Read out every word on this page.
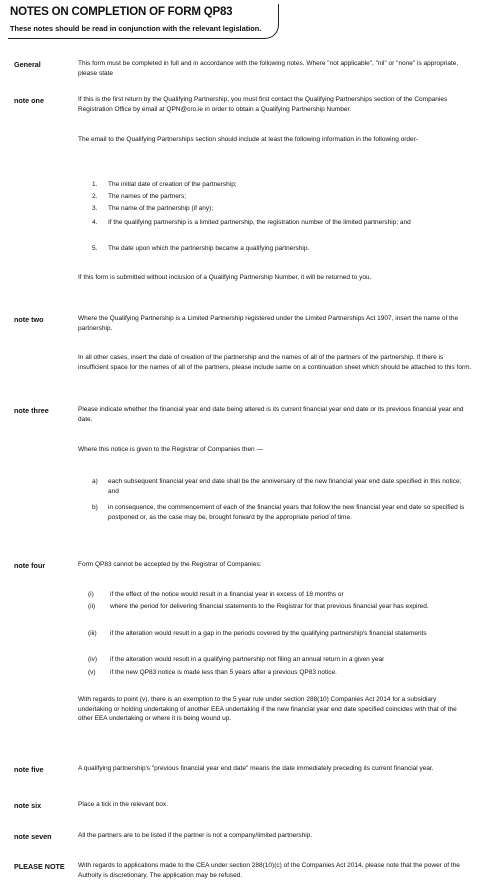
NOTES ON COMPLETION OF FORM QP83
These notes should be read in conjunction with the relevant legislation.
General	This form must be completed in full and in accordance with the following notes. Where "not applicable", "nil" or "none" is appropriate, please state
note one	If this is the first return by the Qualifying Partnership, you must first contact the Qualifying Partnerships section of the Companies Registration Office by email at QPN@cro.ie in order to obtain a Qualifying Partnership Number.
The email to the Qualifying Partnerships section should include at least the following information in the following order-
1. The initial date of creation of the partnership;
2. The names of the partners;
3. The name of the partnership (if any);
4. If the qualifying partnership is a limited partnership, the registration number of the limited partnership; and
5. The date upon which the partnership became a qualifying partnership.
If this form is submitted without inclusion of a Qualifying Partnership Number, it will be returned to you.
note two	Where the Qualifying Partnership is a Limited Partnership registered under the Limited Partnerships Act 1907, insert the name of the partnership.
In all other cases, insert the date of creation of the partnership and the names of all of the partners of the partnership. If there is insufficient space for the names of all of the partners, please include same on a continuation sheet which should be attached to this form.
note three	Please indicate whether the financial year end date being altered is its current financial year end date or its previous financial year end date.
Where this notice is given to the Registrar of Companies then —
a) each subsequent financial year end date shall be the anniversary of the new financial year end date specified in this notice; and
b) in consequence, the commencement of each of the financial years that follow the new financial year end date so specified is postponed or, as the case may be, brought forward by the appropriate period of time.
note four	Form QP83 cannot be accepted by the Registrar of Companies:
(i) if the effect of the notice would result in a financial year in excess of 18 months or
(ii) where the period for delivering financial statements to the Registrar for that previous financial year has expired.
(iii) if the alteration would result in a gap in the periods covered by the qualifying partnership's financial statements
(iv) if the alteration would result in a qualifying partnership not filing an annual return in a given year
(v) if the new QP83 notice is made less than 5 years after a previous QP83 notice.
With regards to point (v), there is an exemption to the 5 year rule under section 288(10) Companies Act 2014 for a subsidiary undertaking or holding undertaking of another EEA undertaking if the new financial year end date specified coincides with that of the other EEA undertaking or where it is being wound up.
note five	A qualifying partnership's "previous financial year end date" means the date immediately preceding its current financial year.
note six	Place a tick in the relevant box.
note seven	All the partners are to be listed if the partner is not a company/limited partnership.
PLEASE NOTE With regards to applications made to the CEA under section 288(10)(c) of the Companies Act 2014, please note that the power of the Authoity is discretionary. The application may be refused.
